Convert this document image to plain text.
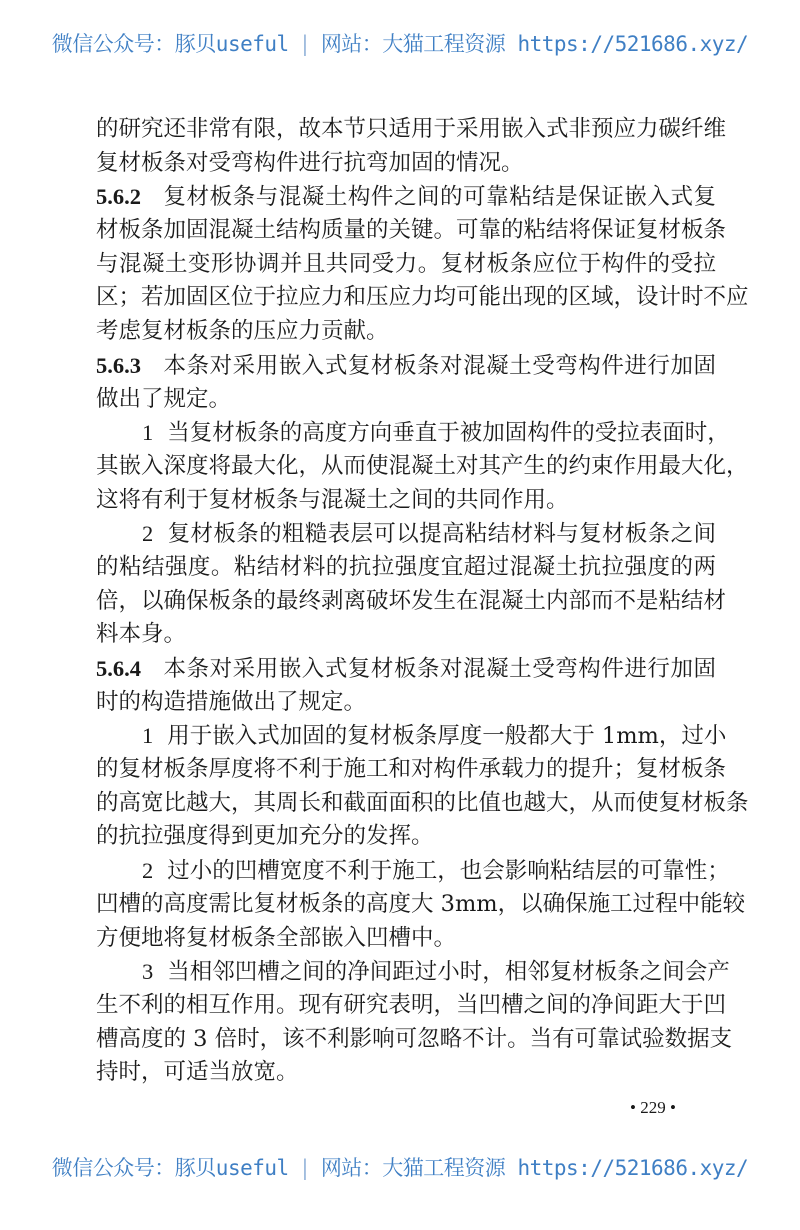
微信公众号：豚贝useful | 网站：大猫工程资源 https://521686.xyz/
的研究还非常有限，故本节只适用于采用嵌入式非预应力碳纤维
复材板条对受弯构件进行抗弯加固的情况。
5.6.2 复材板条与混凝土构件之间的可靠粘结是保证嵌入式复
材板条加固混凝土结构质量的关键。可靠的粘结将保证复材板条
与混凝土变形协调并且共同受力。复材板条应位于构件的受拉
区；若加固区位于拉应力和压应力均可能出现的区域，设计时不应
考虑复材板条的压应力贡献。
5.6.3 本条对采用嵌入式复材板条对混凝土受弯构件进行加固
做出了规定。
1 当复材板条的高度方向垂直于被加固构件的受拉表面时，
其嵌入深度将最大化，从而使混凝土对其产生的约束作用最大化，
这将有利于复材板条与混凝土之间的共同作用。
2 复材板条的粗糙表层可以提高粘结材料与复材板条之间
的粘结强度。粘结材料的抗拉强度宜超过混凝土抗拉强度的两
倍，以确保板条的最终剥离破坏发生在混凝土内部而不是粘结材
料本身。
5.6.4 本条对采用嵌入式复材板条对混凝土受弯构件进行加固
时的构造措施做出了规定。
1 用于嵌入式加固的复材板条厚度一般都大于 1mm，过小
的复材板条厚度将不利于施工和对构件承载力的提升；复材板条
的高宽比越大，其周长和截面面积的比值也越大，从而使复材板条
的抗拉强度得到更加充分的发挥。
2 过小的凹槽宽度不利于施工，也会影响粘结层的可靠性；
凹槽的高度需比复材板条的高度大 3mm，以确保施工过程中能较
方便地将复材板条全部嵌入凹槽中。
3 当相邻凹槽之间的净间距过小时，相邻复材板条之间会产
生不利的相互作用。现有研究表明，当凹槽之间的净间距大于凹
槽高度的 3 倍时，该不利影响可忽略不计。当有可靠试验数据支
持时，可适当放宽。
• 229 •
微信公众号：豚贝useful | 网站：大猫工程资源 https://521686.xyz/
